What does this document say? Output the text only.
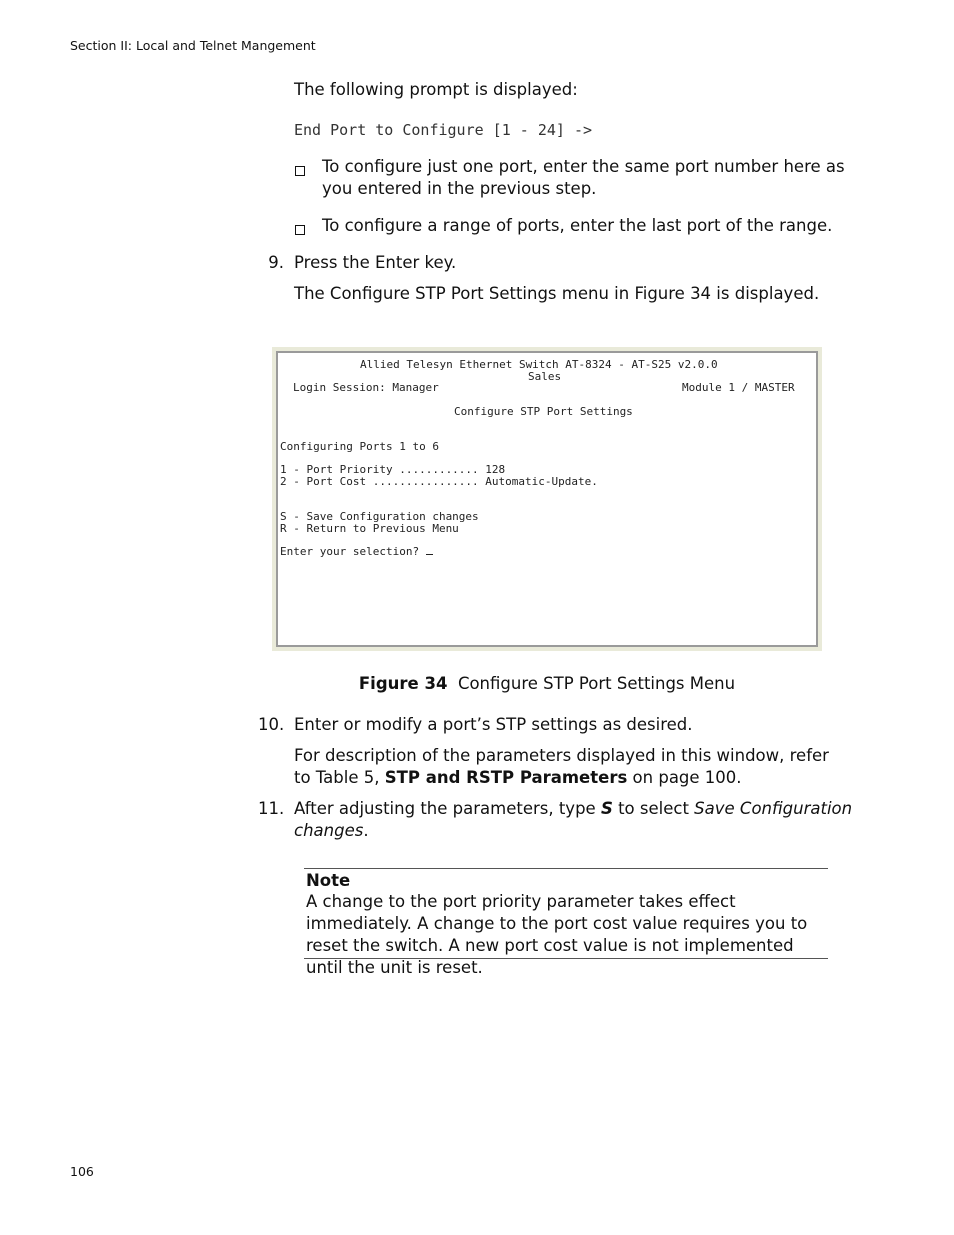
Section II: Local and Telnet Mangement
The following prompt is displayed:
End Port to Configure [1 - 24] ->
To configure just one port, enter the same port number here as
you entered in the previous step.
To configure a range of ports, enter the last port of the range.
9. Press the Enter key.
The Configure STP Port Settings menu in Figure 34 is displayed.
Allied Telesyn Ethernet Switch AT-8324 - AT-S25 v2.0.0
Sales
Login Session: Manager	Module 1 / MASTER
Configure STP Port Settings
Configuring Ports 1 to 6
1 - Port Priority ............ 128
2 - Port Cost ................ Automatic-Update.
S - Save Configuration changes
R - Return to Previous Menu
Enter your selection?
Figure 34 Configure STP Port Settings Menu
10. Enter or modify a port’s STP settings as desired.
For description of the parameters displayed in this window, refer
to Table 5, STP and RSTP Parameters on page 100.
11. After adjusting the parameters, type S to select Save Configuration
changes.
Note
A change to the port priority parameter takes effect immediately. A change to the port cost value requires you to reset the switch. A new port cost value is not implemented until the unit is reset.
106
